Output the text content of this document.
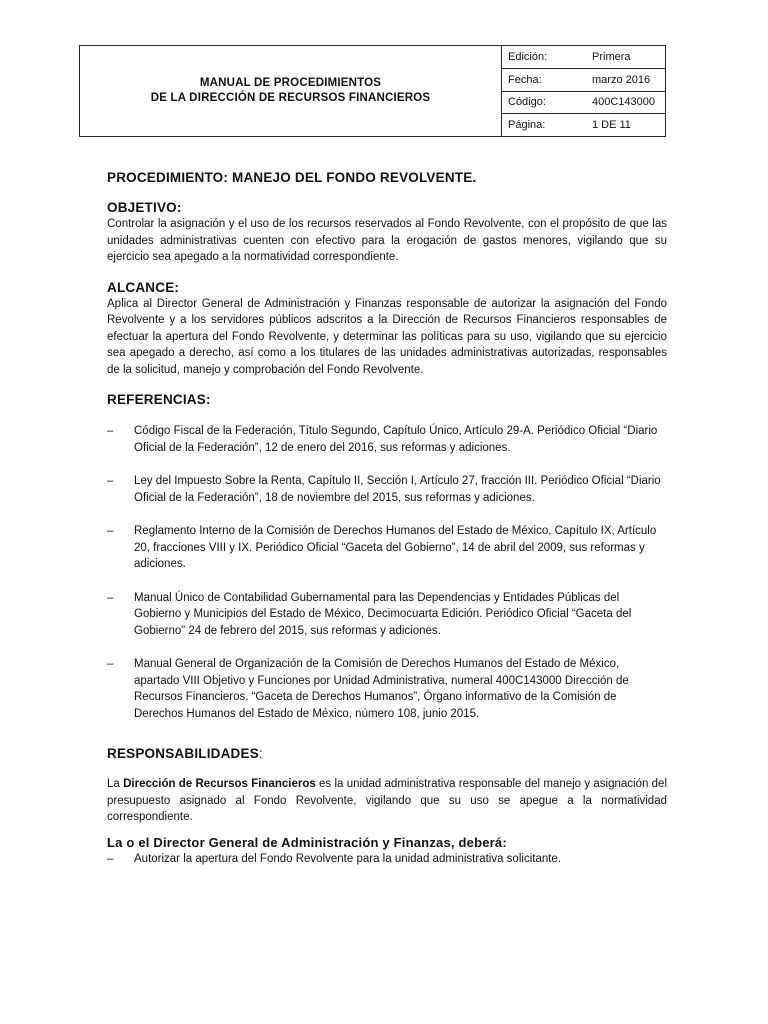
MANUAL DE PROCEDIMIENTOS
DE LA DIRECCIÓN DE RECURSOS FINANCIEROS
Edición:	Primera
Fecha:	marzo 2016
Código:	400C143000
Página:	1 DE 11

PROCEDIMIENTO: MANEJO DEL FONDO REVOLVENTE.

OBJETIVO:

Controlar la asignación y el uso de los recursos reservados al Fondo Revolvente, con el propósito de que las unidades administrativas cuenten con efectivo para la erogación de gastos menores, vigilando que su ejercicio sea apegado a la normatividad correspondiente.

ALCANCE:

Aplica al Director General de Administración y Finanzas responsable de autorizar la asignación del Fondo Revolvente y a los servidores públicos adscritos a la Dirección de Recursos Financieros responsables de efectuar la apertura del Fondo Revolvente, y determinar las políticas para su uso, vigilando que su ejercicio sea apegado a derecho, así como a los titulares de las unidades administrativas autorizadas, responsables de la solicitud, manejo y comprobación del Fondo Revolvente.

REFERENCIAS:

– Código Fiscal de la Federación, Título Segundo, Capítulo Único, Artículo 29-A. Periódico Oficial “Diario Oficial de la Federación”, 12 de enero del 2016, sus reformas y adiciones.

– Ley del Impuesto Sobre la Renta, Capítulo II, Sección I, Artículo 27, fracción III. Periódico Oficial “Diario Oficial de la Federación”, 18 de noviembre del 2015, sus reformas y adiciones.

– Reglamento Interno de la Comisión de Derechos Humanos del Estado de México, Capítulo IX, Artículo 20, fracciones VIII y IX. Periódico Oficial “Gaceta del Gobierno”, 14 de abril del 2009, sus reformas y adiciones.

– Manual Único de Contabilidad Gubernamental para las Dependencias y Entidades Públicas del Gobierno y Municipios del Estado de México, Decimocuarta Edición. Periódico Oficial “Gaceta del Gobierno” 24 de febrero del 2015, sus reformas y adiciones.

– Manual General de Organización de la Comisión de Derechos Humanos del Estado de México, apartado VIII Objetivo y Funciones por Unidad Administrativa, numeral 400C143000 Dirección de Recursos Financieros. “Gaceta de Derechos Humanos”, Órgano informativo de la Comisión de Derechos Humanos del Estado de México, número 108, junio 2015.

RESPONSABILIDADES:

La Dirección de Recursos Financieros es la unidad administrativa responsable del manejo y asignación del presupuesto asignado al Fondo Revolvente, vigilando que su uso se apegue a la normatividad correspondiente.

La o el Director General de Administración y Finanzas, deberá:

– Autorizar la apertura del Fondo Revolvente para la unidad administrativa solicitante.
